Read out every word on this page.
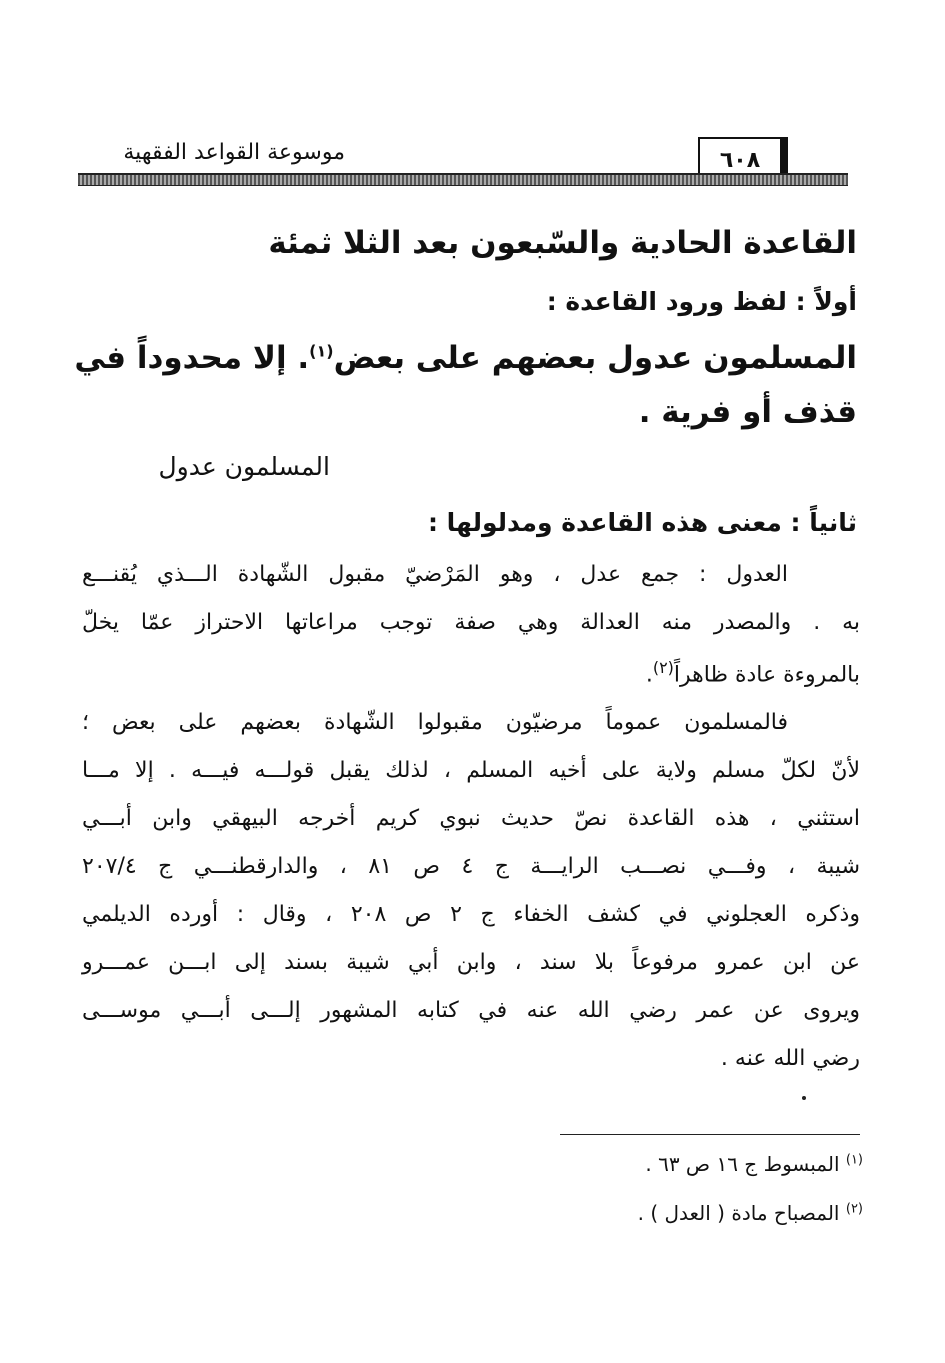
٦٠٨
موسوعة القواعد الفقهية
القاعدة الحادية والسّبعون بعد الثلا ثمئة
أولاً : لفظ ورود القاعدة :
المسلمون عدول بعضهم على بعض$^{(١)}$. إلا محدوداً في
قذف أو فرية .
المسلمون عدول
ثانياً : معنى هذه القاعدة ومدلولها :
العدول : جمع عدل ، وهو المَرْضيّ مقبول الشّهادة الـــذي يُقنـــع
به . والمصدر منه العدالة وهي صفة توجب مراعاتها الاحتراز عمّا يخلّ
بالمروءة عادة ظاهراً$^{(٢)}$.
فالمسلمون عموماً مرضيّون مقبولوا الشّهادة بعضهم على بعض ؛
لأنّ لكلّ مسلم ولاية على أخيه المسلم ، لذلك يقبل قولـــه فيـــه . إلا مـــا
استثني ، هذه القاعدة نصّ حديث نبوي كريم أخرجه البيهقي وابن أبـــي
شيبة ، وفـــي نصـــب الرايـــة ج ٤ ص ٨١ ، والدارقطنـــي ج ٢٠٧/٤
وذكره العجلوني في كشف الخفاء ج ٢ ص ٢٠٨ ، وقال : أورده الديلمي
عن ابن عمرو مرفوعاً بلا سند ، وابن أبي شيبة بسند إلى ابـــن عمـــرو
ويروى عن عمر رضي الله عنه في كتابه المشهور إلـــى أبـــي موســـى
رضي الله عنه .
$^{(١)}$ المبسوط ج ١٦ ص ٦٣ .
$^{(٢)}$ المصباح مادة ( العدل ) .
